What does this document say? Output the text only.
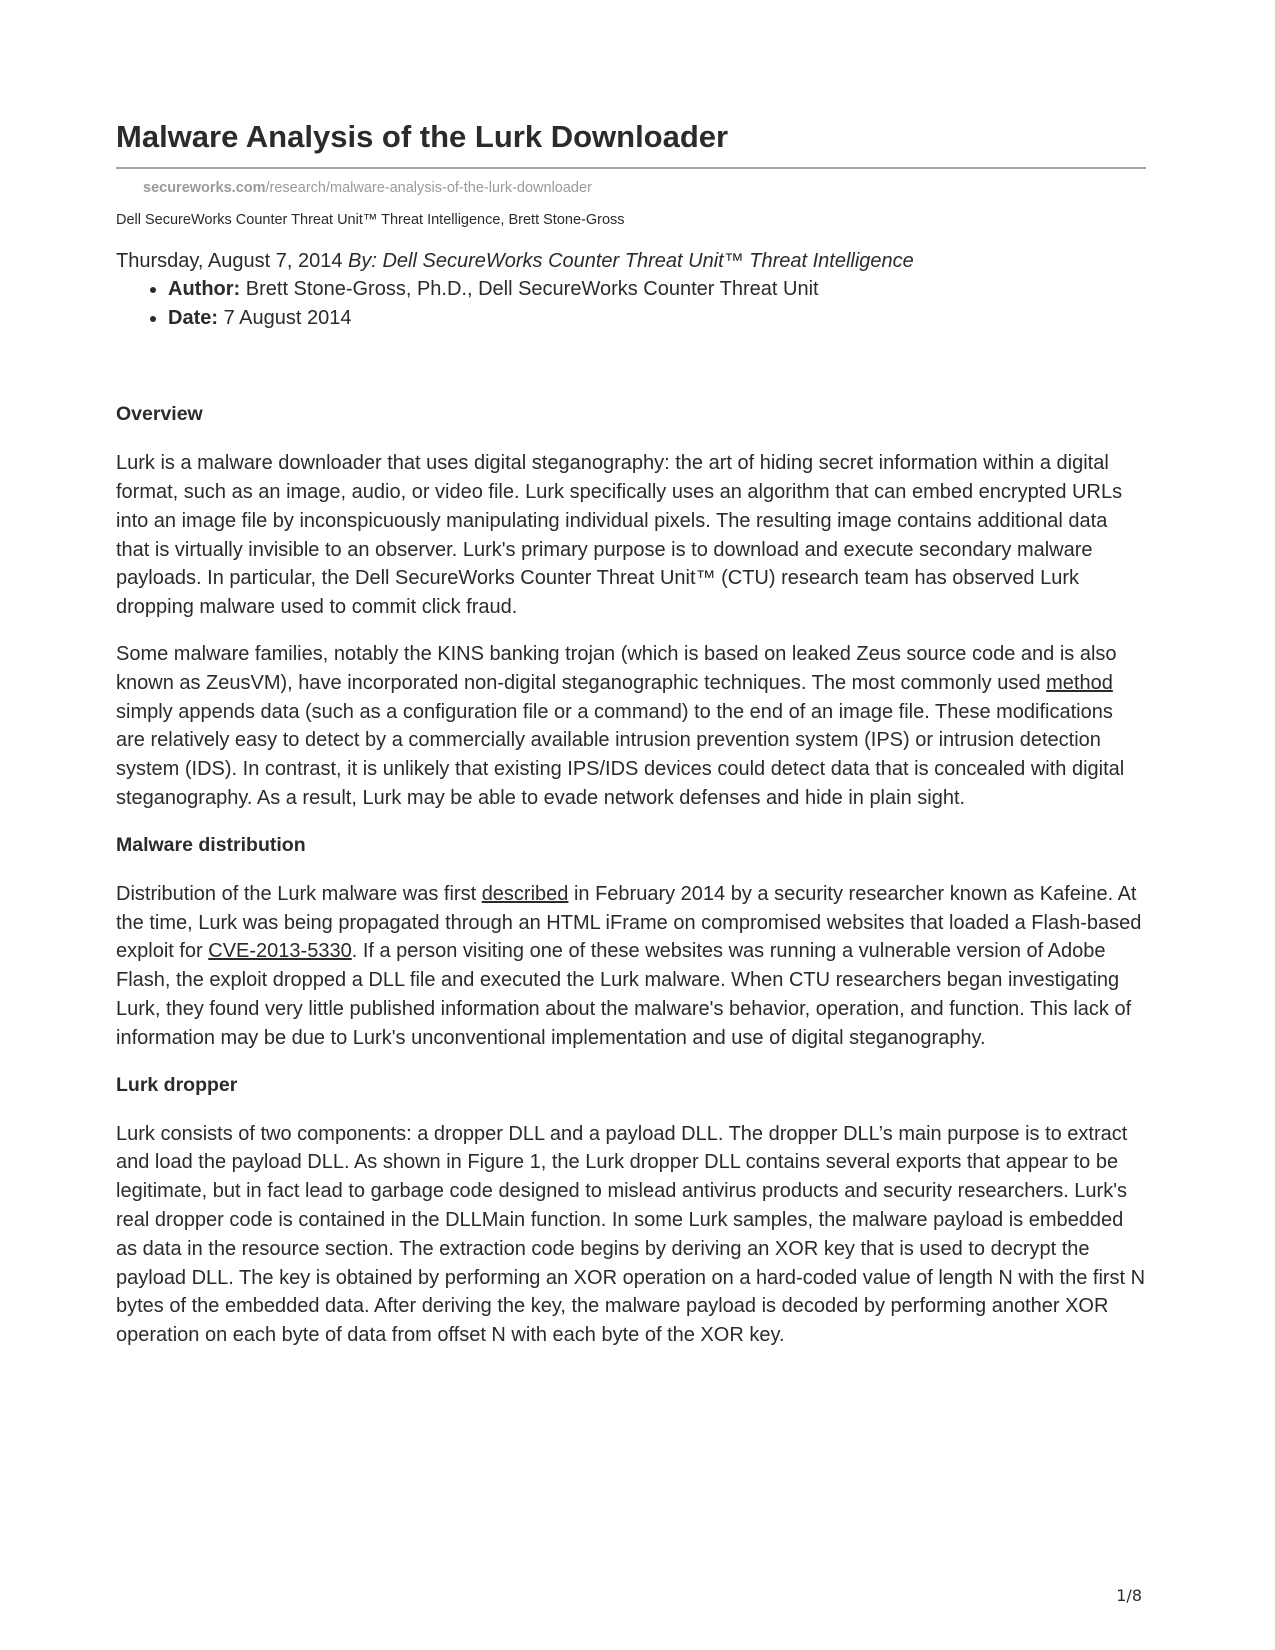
Malware Analysis of the Lurk Downloader
secureworks.com/research/malware-analysis-of-the-lurk-downloader
Dell SecureWorks Counter Threat Unit™ Threat Intelligence, Brett Stone-Gross
Thursday, August 7, 2014 By: Dell SecureWorks Counter Threat Unit™ Threat Intelligence
• Author: Brett Stone-Gross, Ph.D., Dell SecureWorks Counter Threat Unit
• Date: 7 August 2014
Overview

Lurk is a malware downloader that uses digital steganography: the art of hiding secret information within a digital format, such as an image, audio, or video file. Lurk specifically uses an algorithm that can embed encrypted URLs into an image file by inconspicuously manipulating individual pixels. The resulting image contains additional data that is virtually invisible to an observer. Lurk's primary purpose is to download and execute secondary malware payloads. In particular, the Dell SecureWorks Counter Threat Unit™ (CTU) research team has observed Lurk dropping malware used to commit click fraud.

Some malware families, notably the KINS banking trojan (which is based on leaked Zeus source code and is also known as ZeusVM), have incorporated non-digital steganographic techniques. The most commonly used method simply appends data (such as a configuration file or a command) to the end of an image file. These modifications are relatively easy to detect by a commercially available intrusion prevention system (IPS) or intrusion detection system (IDS). In contrast, it is unlikely that existing IPS/IDS devices could detect data that is concealed with digital steganography. As a result, Lurk may be able to evade network defenses and hide in plain sight.

Malware distribution

Distribution of the Lurk malware was first described in February 2014 by a security researcher known as Kafeine. At the time, Lurk was being propagated through an HTML iFrame on compromised websites that loaded a Flash-based exploit for CVE-2013-5330. If a person visiting one of these websites was running a vulnerable version of Adobe Flash, the exploit dropped a DLL file and executed the Lurk malware. When CTU researchers began investigating Lurk, they found very little published information about the malware's behavior, operation, and function. This lack of information may be due to Lurk's unconventional implementation and use of digital steganography.

Lurk dropper

Lurk consists of two components: a dropper DLL and a payload DLL. The dropper DLL’s main purpose is to extract and load the payload DLL. As shown in Figure 1, the Lurk dropper DLL contains several exports that appear to be legitimate, but in fact lead to garbage code designed to mislead antivirus products and security researchers. Lurk's real dropper code is contained in the DLLMain function. In some Lurk samples, the malware payload is embedded as data in the resource section. The extraction code begins by deriving an XOR key that is used to decrypt the payload DLL. The key is obtained by performing an XOR operation on a hard-coded value of length N with the first N bytes of the embedded data. After deriving the key, the malware payload is decoded by performing another XOR operation on each byte of data from offset N with each byte of the XOR key.

1/8
